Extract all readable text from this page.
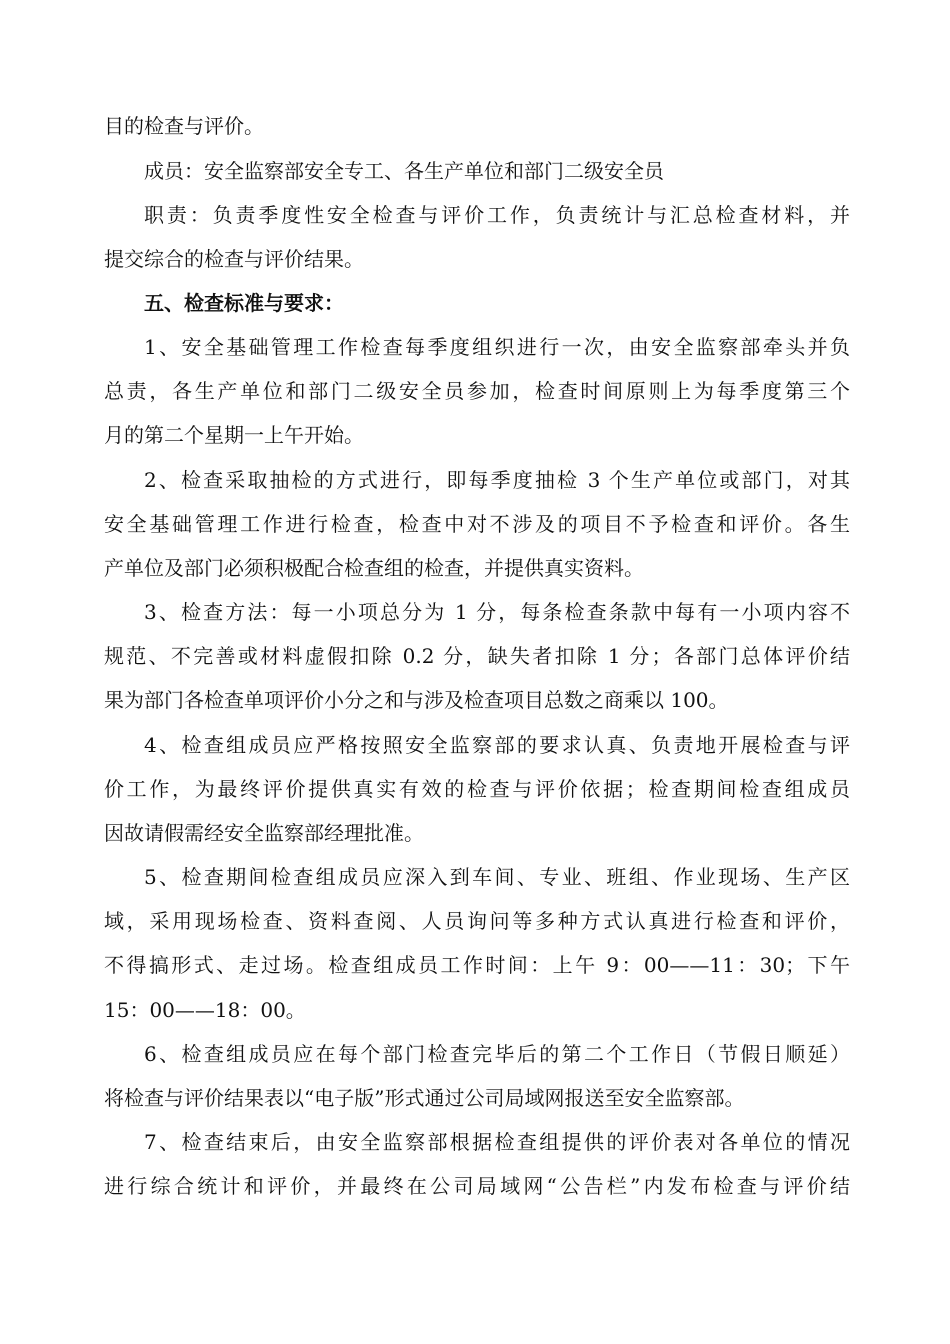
目的检查与评价。
成员：安全监察部安全专工、各生产单位和部门二级安全员
职责：负责季度性安全检查与评价工作，负责统计与汇总检查材料，并
提交综合的检查与评价结果。
五、检查标准与要求：
1、安全基础管理工作检查每季度组织进行一次，由安全监察部牵头并负
总责，各生产单位和部门二级安全员参加，检查时间原则上为每季度第三个
月的第二个星期一上午开始。
2、检查采取抽检的方式进行，即每季度抽检 3 个生产单位或部门，对其
安全基础管理工作进行检查，检查中对不涉及的项目不予检查和评价。各生
产单位及部门必须积极配合检查组的检查，并提供真实资料。
3、检查方法：每一小项总分为 1 分，每条检查条款中每有一小项内容不
规范、不完善或材料虚假扣除 0.2 分，缺失者扣除 1 分；各部门总体评价结
果为部门各检查单项评价小分之和与涉及检查项目总数之商乘以 100。
4、检查组成员应严格按照安全监察部的要求认真、负责地开展检查与评
价工作，为最终评价提供真实有效的检查与评价依据；检查期间检查组成员
因故请假需经安全监察部经理批准。
5、检查期间检查组成员应深入到车间、专业、班组、作业现场、生产区
域，采用现场检查、资料查阅、人员询问等多种方式认真进行检查和评价，
不得搞形式、走过场。检查组成员工作时间：上午 9：00——11：30；下午
15：00——18：00。
6、检查组成员应在每个部门检查完毕后的第二个工作日（节假日顺延）
将检查与评价结果表以“电子版”形式通过公司局域网报送至安全监察部。
7、检查结束后，由安全监察部根据检查组提供的评价表对各单位的情况
进行综合统计和评价，并最终在公司局域网“公告栏”内发布检查与评价结
